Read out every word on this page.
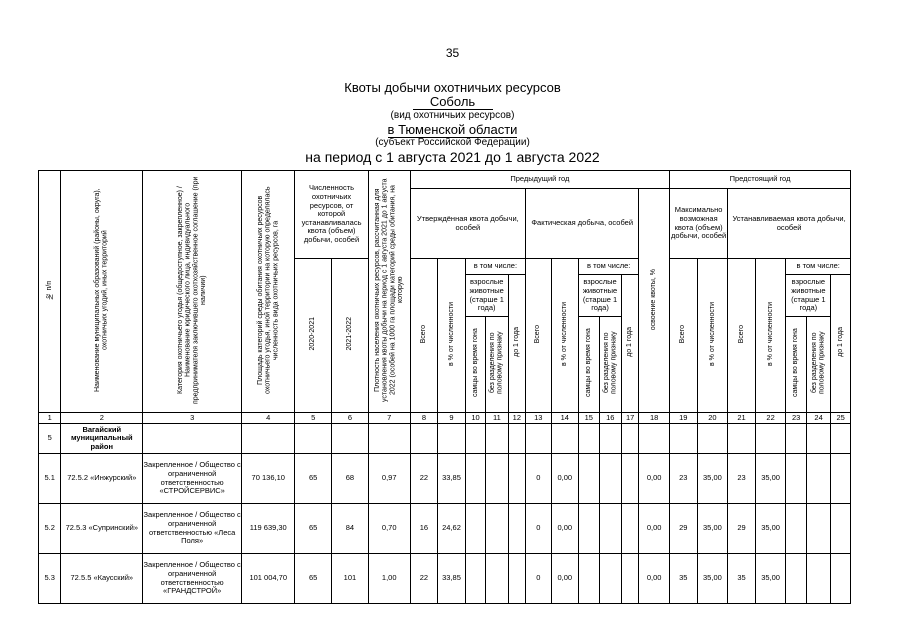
35
Квоты добычи охотничьих ресурсов
Соболь
(вид охотничьих ресурсов)
в Тюменской области
(субъект Российской Федерации)
на период с 1 августа 2021 до 1 августа 2022
№ п/п	Наименование муниципальных образований (районы, округа), охотничьих угодий, иных территорий	Категория охотничьего угодья (общедоступное, закрепленное) / Наименование юридического лица, индивидуального предпринимателя заключившего охотхозяйственное соглашение (при наличии)	Площадь категорий среды обитания охотничьих ресурсов охотничьего угодья, иной территории на которую определялась численность вида охотничьих ресурсов, га	Численность охотничьих ресурсов, от которой устанавливалась квота (объем) добычи, особей		Плотность населения охотничьих ресурсов, рассчитанная для установления квоты добычи на период с 1 августа 2021 до 1 августа 2022 (особей на 1000 га площади категорий среды обитания, на которую	Предыдущий год											Предстоящий год						
							Утверждённая квота добычи, особей					Фактическая добыча, особей					освоение квоты, %	Максимально возможная квота (объем) добычи, особей		Устанавливаемая квота добычи, особей				
				2020-2021	2021-2022		Всего	в % от численности	в том числе:			Всего	в % от численности	в том числе:				Всего	в % от численности	Всего	в % от численности	в том числе:		
									взрослые животные (старше 1 года)		до 1 года			взрослые животные (старше 1 года)		до 1 года						взрослые животные (старше 1 года)		до 1 года
									самцы во время гона	без разделения по половому признаку				самцы во время гона	без разделения по половому признаку							самцы во время гона	без разделения по половому признаку	
1	2	3	4	5	6	7	8	9	10	11	12	13	14	15	16	17	18	19	20	21	22	23	24	25
5	Вагайский муниципальный район																							
5.1	72.5.2 «Инжурский»	Закрепленное / Общество с ограниченной ответственностью «СТРОЙСЕРВИС»	70 136,10	65	68	0,97	22	33,85				0	0,00				0,00	23	35,00	23	35,00			
5.2	72.5.3 «Супринский»	Закрепленное / Общество с ограниченной ответственностью «Леса Поля»	119 639,30	65	84	0,70	16	24,62				0	0,00				0,00	29	35,00	29	35,00			
5.3	72.5.5 «Каусский»	Закрепленное / Общество с ограниченной ответственностью «ГРАНДСТРОЙ»	101 004,70	65	101	1,00	22	33,85				0	0,00				0,00	35	35,00	35	35,00			
